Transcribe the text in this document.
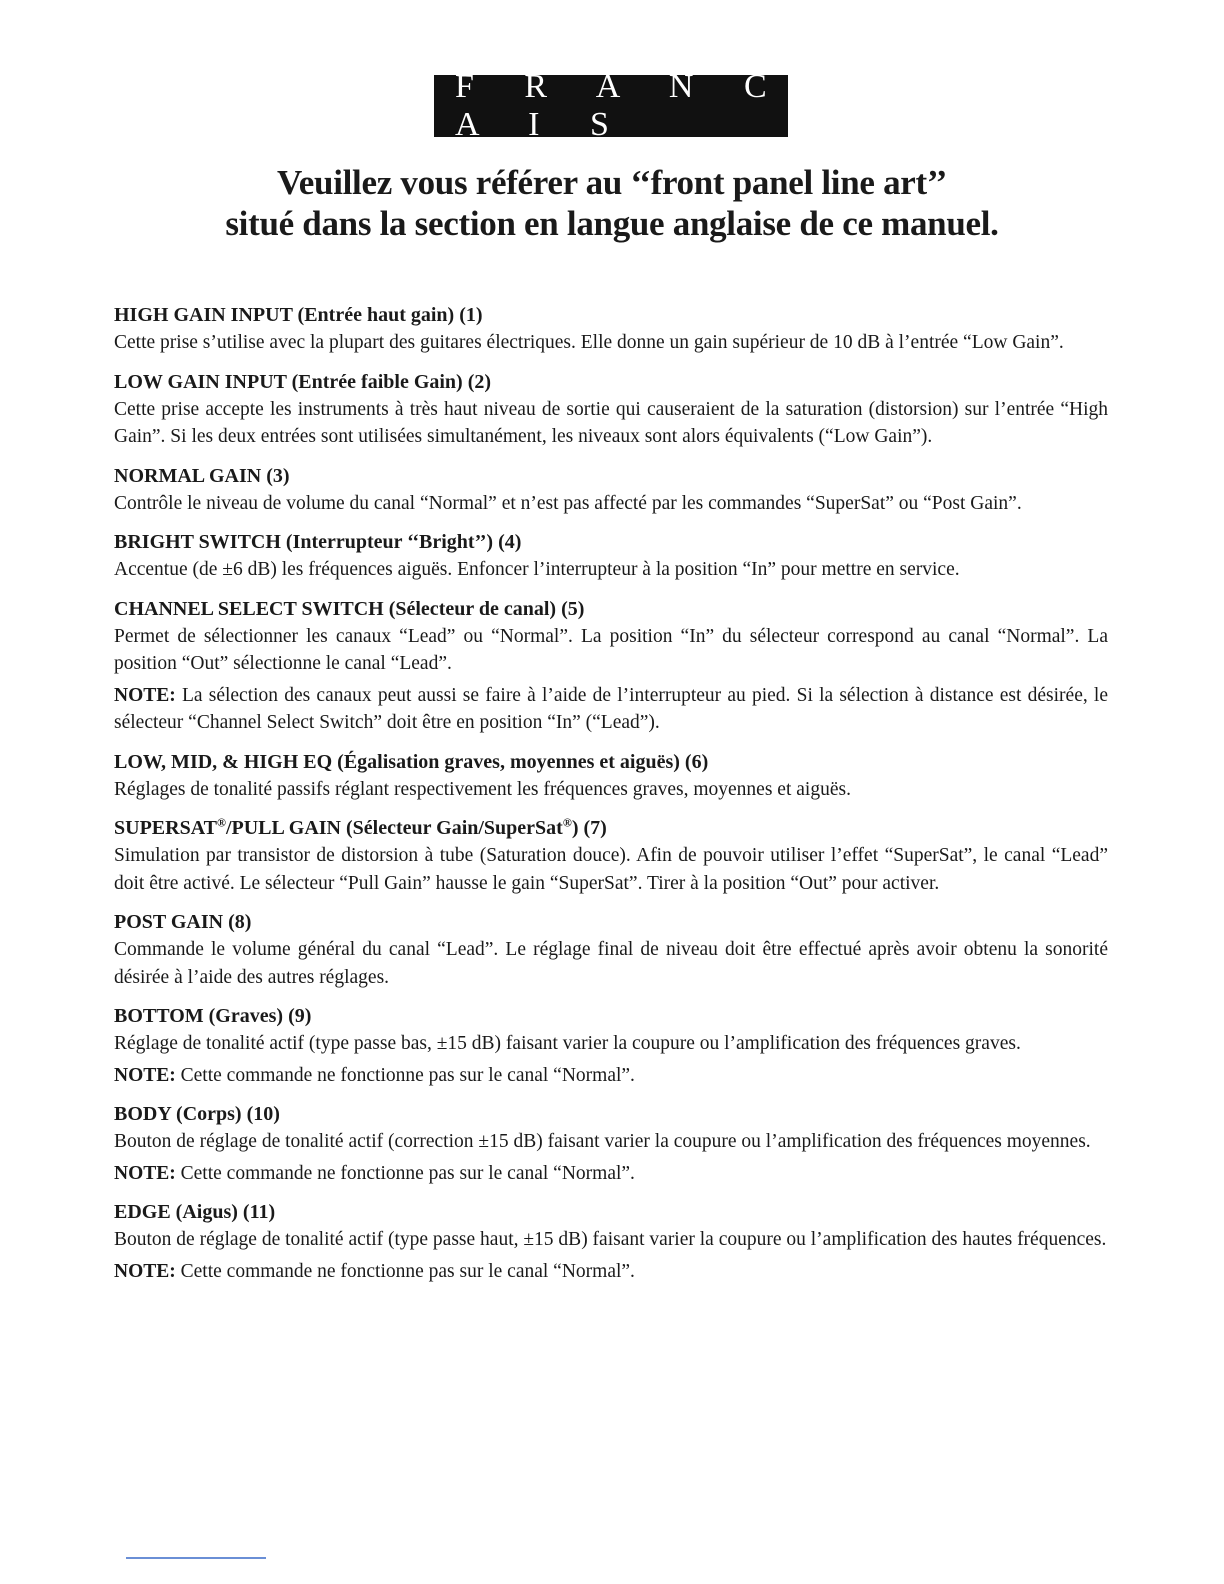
F R A N C A I S
Veuillez vous référer au ‘‘front panel line art’’
situé dans la section en langue anglaise de ce manuel.
HIGH GAIN INPUT (Entrée haut gain) (1)
Cette prise s’utilise avec la plupart des guitares électriques. Elle donne un gain supérieur de 10 dB à l’entrée “Low Gain”.
LOW GAIN INPUT (Entrée faible Gain) (2)
Cette prise accepte les instruments à très haut niveau de sortie qui causeraient de la saturation (distorsion) sur l’entrée “High Gain”. Si les deux entrées sont utilisées simultanément, les niveaux sont alors équivalents (“Low Gain”).
NORMAL GAIN (3)
Contrôle le niveau de volume du canal “Normal” et n’est pas affecté par les commandes “SuperSat” ou “Post Gain”.
BRIGHT SWITCH (Interrupteur ‘‘Bright’’) (4)
Accentue (de ±6 dB) les fréquences aiguës. Enfoncer l’interrupteur à la position “In” pour mettre en service.
CHANNEL SELECT SWITCH (Sélecteur de canal) (5)
Permet de sélectionner les canaux “Lead” ou “Normal”. La position “In” du sélecteur correspond au canal “Normal”. La position “Out” sélectionne le canal “Lead”.
NOTE: La sélection des canaux peut aussi se faire à l’aide de l’interrupteur au pied. Si la sélection à distance est désirée, le sélecteur “Channel Select Switch” doit être en position “In” (“Lead”).
LOW, MID, & HIGH EQ (Égalisation graves, moyennes et aiguës) (6)
Réglages de tonalité passifs réglant respectivement les fréquences graves, moyennes et aiguës.
SUPERSAT®/PULL GAIN (Sélecteur Gain/SuperSat®) (7)
Simulation par transistor de distorsion à tube (Saturation douce). Afin de pouvoir utiliser l’effet “SuperSat”, le canal “Lead” doit être activé. Le sélecteur “Pull Gain” hausse le gain “SuperSat”. Tirer à la position “Out” pour activer.
POST GAIN (8)
Commande le volume général du canal “Lead”. Le réglage final de niveau doit être effectué après avoir obtenu la sonorité désirée à l’aide des autres réglages.
BOTTOM (Graves) (9)
Réglage de tonalité actif (type passe bas, ±15 dB) faisant varier la coupure ou l’amplification des fréquences graves.
NOTE: Cette commande ne fonctionne pas sur le canal “Normal”.
BODY (Corps) (10)
Bouton de réglage de tonalité actif (correction ±15 dB) faisant varier la coupure ou l’amplification des fréquences moyennes.
NOTE: Cette commande ne fonctionne pas sur le canal “Normal”.
EDGE (Aigus) (11)
Bouton de réglage de tonalité actif (type passe haut, ±15 dB) faisant varier la coupure ou l’amplification des hautes fréquences.
NOTE: Cette commande ne fonctionne pas sur le canal “Normal”.
